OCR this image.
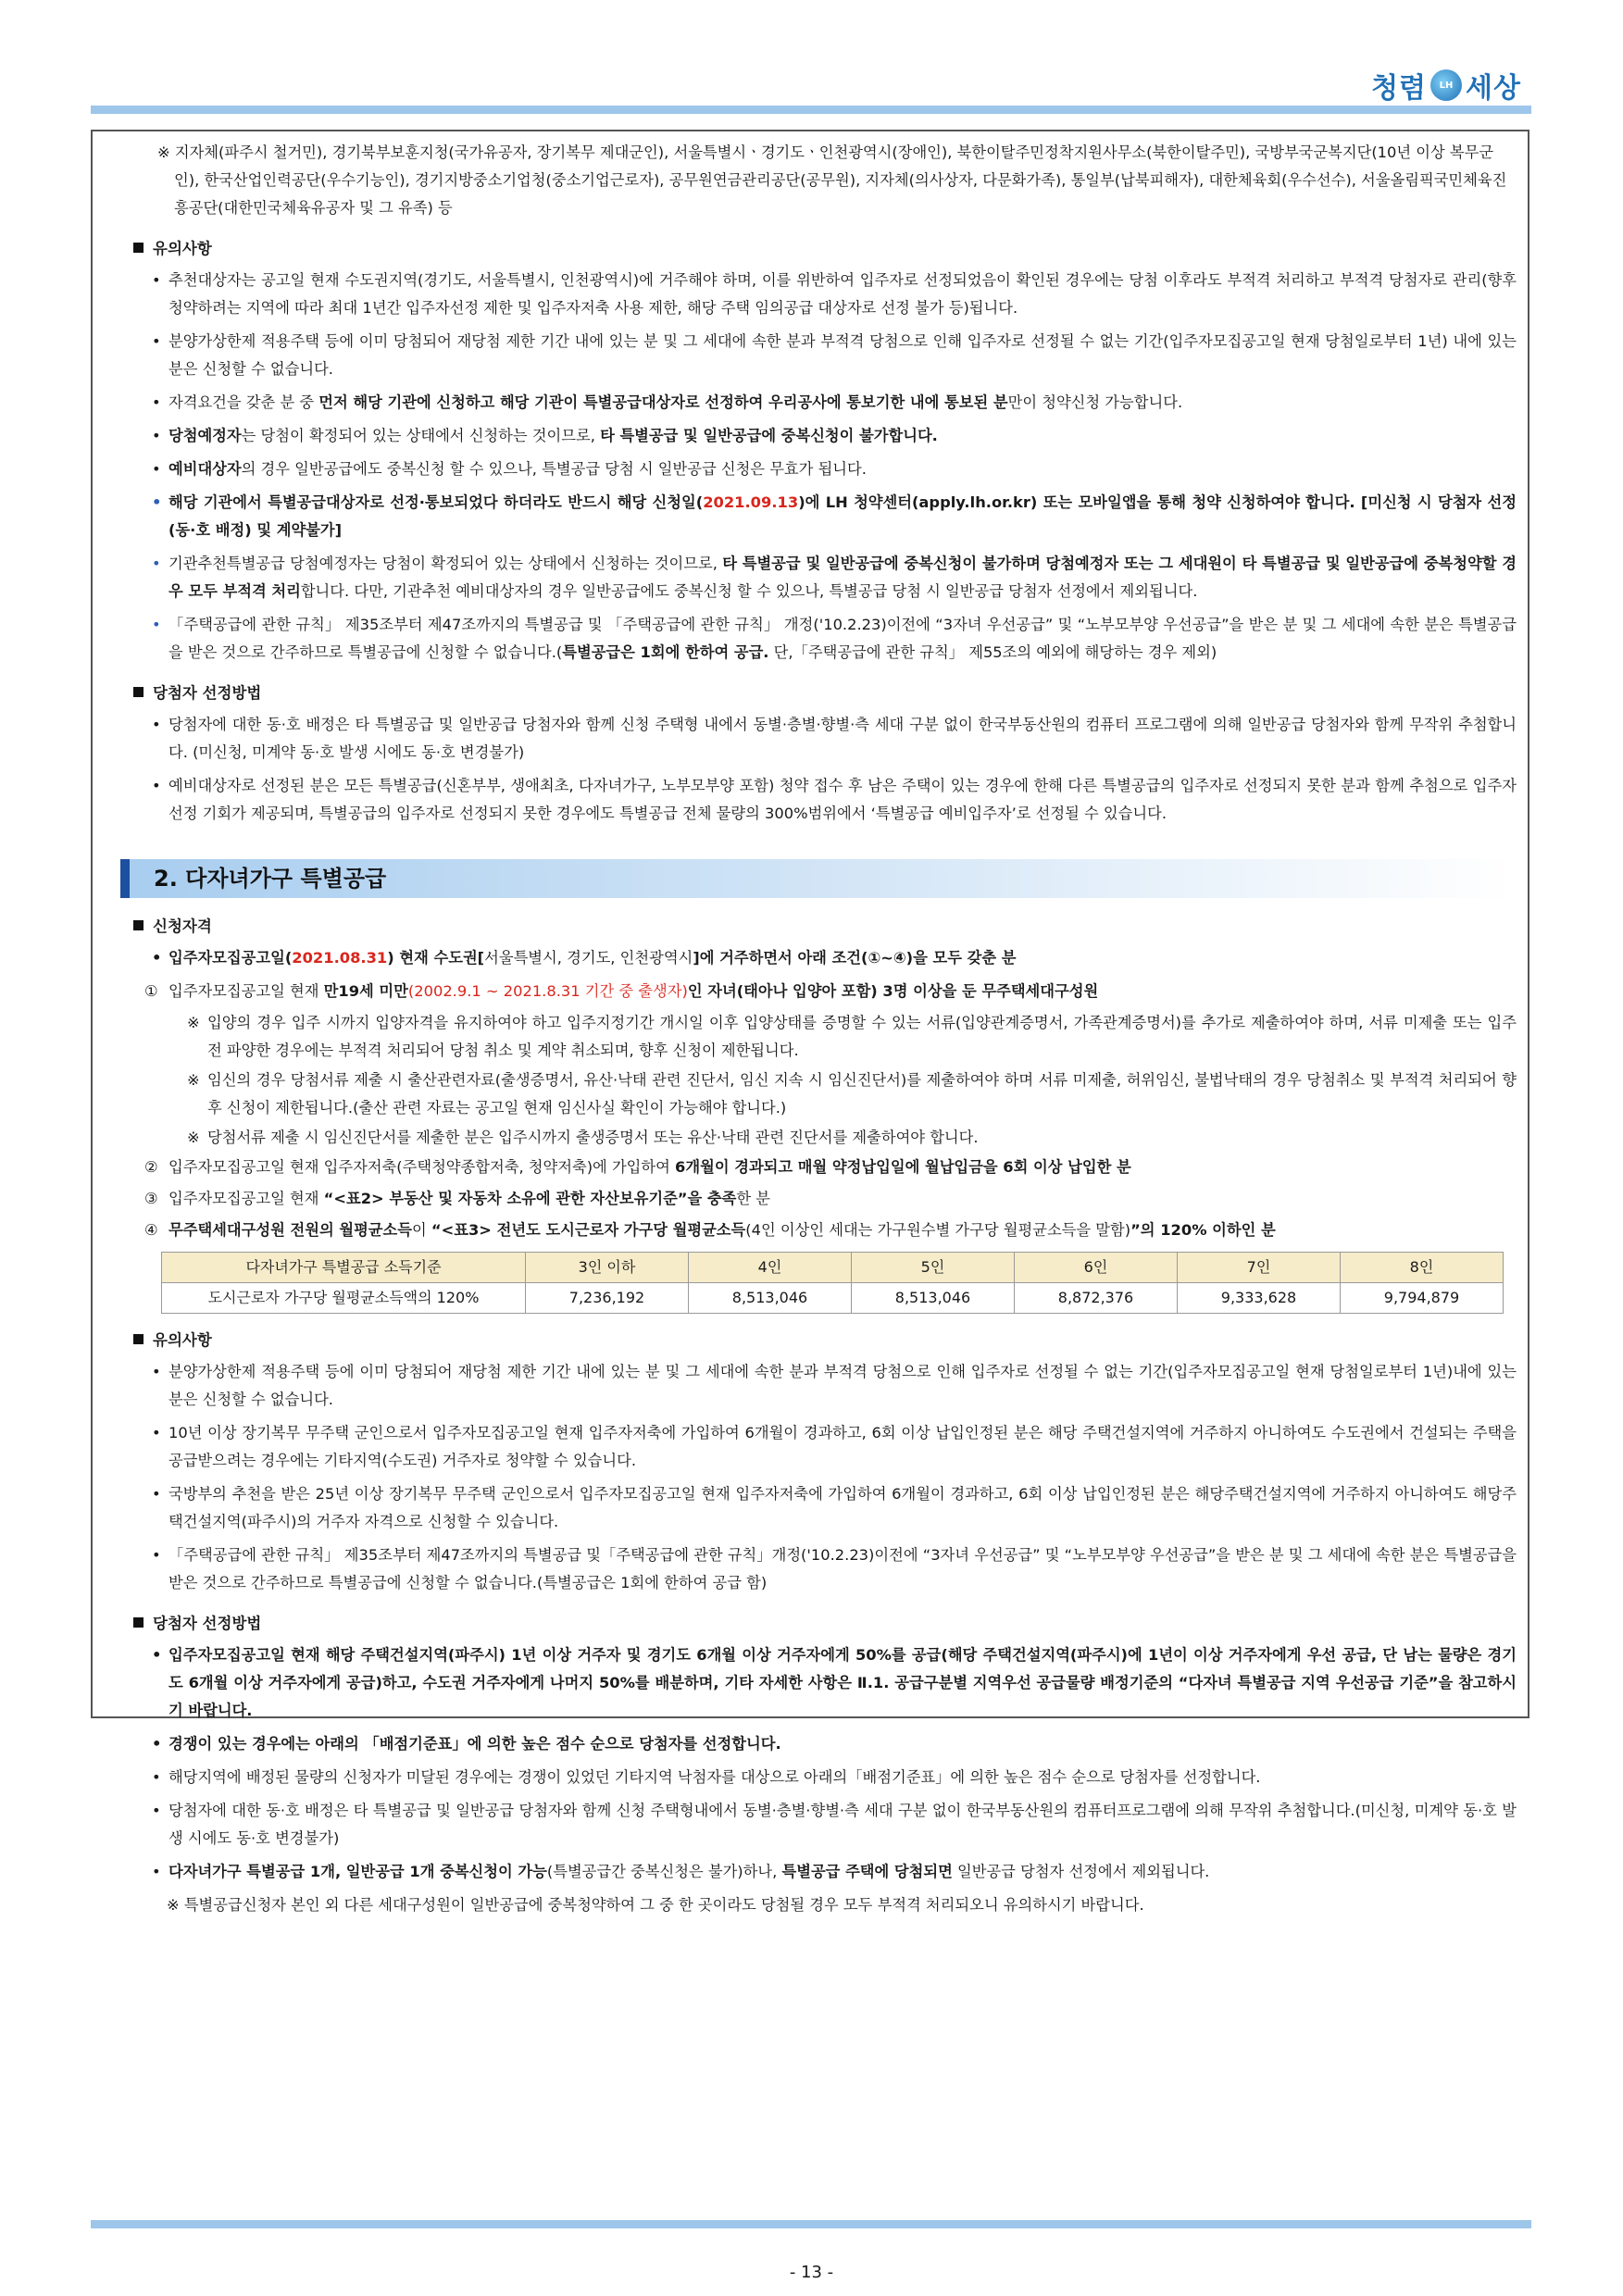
청렴	LH 세상

※ 지자체(파주시 철거민), 경기북부보훈지청(국가유공자, 장기복무 제대군인), 서울특별시ㆍ경기도ㆍ인천광역시(장애인), 북한이탈주민정착지원사무소(북한이탈주민), 국방부국군복지단(10년 이상 복무군인), 한국산업인력공단(우수기능인), 경기지방중소기업청(중소기업근로자), 공무원연금관리공단(공무원), 지자체(의사상자, 다문화가족), 통일부(납북피해자), 대한체육회(우수선수), 서울올림픽국민체육진흥공단(대한민국체육유공자 및 그 유족) 등

유의사항

• 추천대상자는 공고일 현재 수도권지역(경기도, 서울특별시, 인천광역시)에 거주해야 하며, 이를 위반하여 입주자로 선정되었음이 확인된 경우에는 당첨 이후라도 부적격 처리하고 부적격 당첨자로 관리(향후 청약하려는 지역에 따라 최대 1년간 입주자선정 제한 및 입주자저축 사용 제한, 해당 주택 임의공급 대상자로 선정 불가 등)됩니다.

• 분양가상한제 적용주택 등에 이미 당첨되어 재당첨 제한 기간 내에 있는 분 및 그 세대에 속한 분과 부적격 당첨으로 인해 입주자로 선정될 수 없는 기간(입주자모집공고일 현재 당첨일로부터 1년) 내에 있는 분은 신청할 수 없습니다.

• 자격요건을 갖춘 분 중 먼저 해당 기관에 신청하고 해당 기관이 특별공급대상자로 선정하여 우리공사에 통보기한 내에 통보된 분만이 청약신청 가능합니다.

• 당첨예정자는 당첨이 확정되어 있는 상태에서 신청하는 것이므로, 타 특별공급 및 일반공급에 중복신청이 불가합니다.

• 예비대상자의 경우 일반공급에도 중복신청 할 수 있으나, 특별공급 당첨 시 일반공급 신청은 무효가 됩니다.

• 해당 기관에서 특별공급대상자로 선정·통보되었다 하더라도 반드시 해당 신청일(2021.09.13)에 LH 청약센터(apply.lh.or.kr) 또는 모바일앱을 통해 청약 신청하여야 합니다. [미신청 시 당첨자 선정(동·호 배정) 및 계약불가]

• 기관추천특별공급 당첨예정자는 당첨이 확정되어 있는 상태에서 신청하는 것이므로, 타 특별공급 및 일반공급에 중복신청이 불가하며 당첨예정자 또는 그 세대원이 타 특별공급 및 일반공급에 중복청약할 경우 모두 부적격 처리합니다. 다만, 기관추천 예비대상자의 경우 일반공급에도 중복신청 할 수 있으나, 특별공급 당첨 시 일반공급 당첨자 선정에서 제외됩니다.

• 「주택공급에 관한 규칙」 제35조부터 제47조까지의 특별공급 및 「주택공급에 관한 규칙」 개정('10.2.23)이전에 “3자녀 우선공급” 및 “노부모부양 우선공급”을 받은 분 및 그 세대에 속한 분은 특별공급을 받은 것으로 간주하므로 특별공급에 신청할 수 없습니다.(특별공급은 1회에 한하여 공급. 단,「주택공급에 관한 규칙」 제55조의 예외에 해당하는 경우 제외)

당첨자 선정방법

• 당첨자에 대한 동·호 배정은 타 특별공급 및 일반공급 당첨자와 함께 신청 주택형 내에서 동별·층별·향별·측 세대 구분 없이 한국부동산원의 컴퓨터 프로그램에 의해 일반공급 당첨자와 함께 무작위 추첨합니다. (미신청, 미계약 동·호 발생 시에도 동·호 변경불가)

• 예비대상자로 선정된 분은 모든 특별공급(신혼부부, 생애최초, 다자녀가구, 노부모부양 포함) 청약 접수 후 남은 주택이 있는 경우에 한해 다른 특별공급의 입주자로 선정되지 못한 분과 함께 추첨으로 입주자선정 기회가 제공되며, 특별공급의 입주자로 선정되지 못한 경우에도 특별공급 전체 물량의 300%범위에서 ‘특별공급 예비입주자’로 선정될 수 있습니다.

2. 다자녀가구 특별공급
신청자격

• 입주자모집공고일(2021.08.31) 현재 수도권[서울특별시, 경기도, 인천광역시]에 거주하면서 아래 조건(①~④)을 모두 갖춘 분

① 입주자모집공고일 현재 만19세 미만(2002.9.1 ~ 2021.8.31 기간 중 출생자)인 자녀(태아나 입양아 포함) 3명 이상을 둔 무주택세대구성원

※ 입양의 경우 입주 시까지 입양자격을 유지하여야 하고 입주지정기간 개시일 이후 입양상태를 증명할 수 있는 서류(입양관계증명서, 가족관계증명서)를 추가로 제출하여야 하며, 서류 미제출 또는 입주 전 파양한 경우에는 부적격 처리되어 당첨 취소 및 계약 취소되며, 향후 신청이 제한됩니다.

※ 임신의 경우 당첨서류 제출 시 출산관련자료(출생증명서, 유산·낙태 관련 진단서, 임신 지속 시 임신진단서)를 제출하여야 하며 서류 미제출, 허위임신, 불법낙태의 경우 당첨취소 및 부적격 처리되어 향후 신청이 제한됩니다.(출산 관련 자료는 공고일 현재 임신사실 확인이 가능해야 합니다.)

※ 당첨서류 제출 시 임신진단서를 제출한 분은 입주시까지 출생증명서 또는 유산·낙태 관련 진단서를 제출하여야 합니다.

② 입주자모집공고일 현재 입주자저축(주택청약종합저축, 청약저축)에 가입하여 6개월이 경과되고 매월 약정납입일에 월납입금을 6회 이상 납입한 분

③ 입주자모집공고일 현재 “<표2> 부동산 및 자동차 소유에 관한 자산보유기준”을 충족한 분

④ 무주택세대구성원 전원의 월평균소득이 “<표3> 전년도 도시근로자 가구당 월평균소득(4인 이상인 세대는 가구원수별 가구당 월평균소득을 말함)”의 120% 이하인 분

다자녀가구 특별공급 소득기준	3인 이하	4인	5인	6인	7인	8인
도시근로자 가구당 월평균소득액의 120%	7,236,192	8,513,046	8,513,046	8,872,376	9,333,628	9,794,879
유의사항

• 분양가상한제 적용주택 등에 이미 당첨되어 재당첨 제한 기간 내에 있는 분 및 그 세대에 속한 분과 부적격 당첨으로 인해 입주자로 선정될 수 없는 기간(입주자모집공고일 현재 당첨일로부터 1년)내에 있는 분은 신청할 수 없습니다.

• 10년 이상 장기복무 무주택 군인으로서 입주자모집공고일 현재 입주자저축에 가입하여 6개월이 경과하고, 6회 이상 납입인정된 분은 해당 주택건설지역에 거주하지 아니하여도 수도권에서 건설되는 주택을 공급받으려는 경우에는 기타지역(수도권) 거주자로 청약할 수 있습니다.

• 국방부의 추천을 받은 25년 이상 장기복무 무주택 군인으로서 입주자모집공고일 현재 입주자저축에 가입하여 6개월이 경과하고, 6회 이상 납입인정된 분은 해당주택건설지역에 거주하지 아니하여도 해당주택건설지역(파주시)의 거주자 자격으로 신청할 수 있습니다.

• 「주택공급에 관한 규칙」 제35조부터 제47조까지의 특별공급 및「주택공급에 관한 규칙」개정('10.2.23)이전에 “3자녀 우선공급” 및 “노부모부양 우선공급”을 받은 분 및 그 세대에 속한 분은 특별공급을 받은 것으로 간주하므로 특별공급에 신청할 수 없습니다.(특별공급은 1회에 한하여 공급 함)

당첨자 선정방법

• 입주자모집공고일 현재 해당 주택건설지역(파주시) 1년 이상 거주자 및 경기도 6개월 이상 거주자에게 50%를 공급(해당 주택건설지역(파주시)에 1년이 이상 거주자에게 우선 공급, 단 남는 물량은 경기도 6개월 이상 거주자에게 공급)하고, 수도권 거주자에게 나머지 50%를 배분하며, 기타 자세한 사항은 Ⅱ.1. 공급구분별 지역우선 공급물량 배정기준의 “다자녀 특별공급 지역 우선공급 기준”을 참고하시기 바랍니다.

• 경쟁이 있는 경우에는 아래의 「배점기준표」에 의한 높은 점수 순으로 당첨자를 선정합니다.

• 해당지역에 배정된 물량의 신청자가 미달된 경우에는 경쟁이 있었던 기타지역 낙첨자를 대상으로 아래의「배점기준표」에 의한 높은 점수 순으로 당첨자를 선정합니다.

• 당첨자에 대한 동·호 배정은 타 특별공급 및 일반공급 당첨자와 함께 신청 주택형내에서 동별·층별·향별·측 세대 구분 없이 한국부동산원의 컴퓨터프로그램에 의해 무작위 추첨합니다.(미신청, 미계약 동·호 발생 시에도 동·호 변경불가)

• 다자녀가구 특별공급 1개, 일반공급 1개 중복신청이 가능(특별공급간 중복신청은 불가)하나, 특별공급 주택에 당첨되면 일반공급 당첨자 선정에서 제외됩니다.

※ 특별공급신청자 본인 외 다른 세대구성원이 일반공급에 중복청약하여 그 중 한 곳이라도 당첨될 경우 모두 부적격 처리되오니 유의하시기 바랍니다.

- 13 -
